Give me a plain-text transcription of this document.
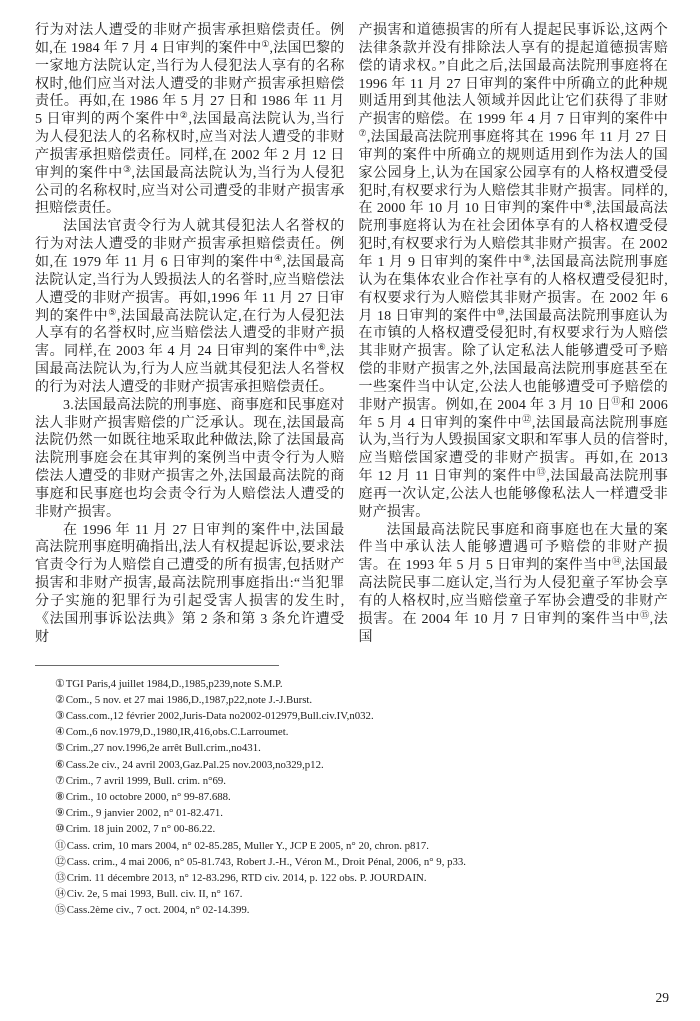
行为对法人遭受的非财产损害承担赔偿责任。例如,在 1984 年 7 月 4 日审判的案件中①,法国巴黎的一家地方法院认定,当行为人侵犯法人享有的名称权时,他们应当对法人遭受的非财产损害承担赔偿责任。再如,在 1986 年 5 月 27 日和 1986 年 11 月 5 日审判的两个案件中②,法国最高法院认为,当行为人侵犯法人的名称权时,应当对法人遭受的非财产损害承担赔偿责任。同样,在 2002 年 2 月 12 日审判的案件中③,法国最高法院认为,当行为人侵犯公司的名称权时,应当对公司遭受的非财产损害承担赔偿责任。

法国法官责令行为人就其侵犯法人名誉权的行为对法人遭受的非财产损害承担赔偿责任。例如,在 1979 年 11 月 6 日审判的案件中④,法国最高法院认定,当行为人毁损法人的名誉时,应当赔偿法人遭受的非财产损害。再如,1996 年 11 月 27 日审判的案件中⑤,法国最高法院认定,在行为人侵犯法人享有的名誉权时,应当赔偿法人遭受的非财产损害。同样,在 2003 年 4 月 24 日审判的案件中⑥,法国最高法院认为,行为人应当就其侵犯法人名誉权的行为对法人遭受的非财产损害承担赔偿责任。

3.法国最高法院的刑事庭、商事庭和民事庭对法人非财产损害赔偿的广泛承认。现在,法国最高法院仍然一如既往地采取此种做法,除了法国最高法院刑事庭会在其审判的案例当中责令行为人赔偿法人遭受的非财产损害之外,法国最高法院的商事庭和民事庭也均会责令行为人赔偿法人遭受的非财产损害。

在 1996 年 11 月 27 日审判的案件中,法国最高法院刑事庭明确指出,法人有权提起诉讼,要求法官责令行为人赔偿自己遭受的所有损害,包括财产损害和非财产损害,最高法院刑事庭指出:“当犯罪分子实施的犯罪行为引起受害人损害的发生时,《法国刑事诉讼法典》第 2 条和第 3 条允许遭受财

产损害和道德损害的所有人提起民事诉讼,这两个法律条款并没有排除法人享有的提起道德损害赔偿的请求权。”自此之后,法国最高法院刑事庭将在 1996 年 11 月 27 日审判的案件中所确立的此种规则适用到其他法人领域并因此让它们获得了非财产损害的赔偿。在 1999 年 4 月 7 日审判的案件中⑦,法国最高法院刑事庭将其在 1996 年 11 月 27 日审判的案件中所确立的规则适用到作为法人的国家公园身上,认为在国家公园享有的人格权遭受侵犯时,有权要求行为人赔偿其非财产损害。同样的,在 2000 年 10 月 10 日审判的案件中⑧,法国最高法院刑事庭将认为在社会团体享有的人格权遭受侵犯时,有权要求行为人赔偿其非财产损害。在 2002 年 1 月 9 日审判的案件中⑨,法国最高法院刑事庭认为在集体农业合作社享有的人格权遭受侵犯时,有权要求行为人赔偿其非财产损害。在 2002 年 6 月 18 日审判的案件中⑩,法国最高法院刑事庭认为在市镇的人格权遭受侵犯时,有权要求行为人赔偿其非财产损害。除了认定私法人能够遭受可予赔偿的非财产损害之外,法国最高法院刑事庭甚至在一些案件当中认定,公法人也能够遭受可予赔偿的非财产损害。例如,在 2004 年 3 月 10 日⑪和 2006 年 5 月 4 日审判的案件中⑫,法国最高法院刑事庭认为,当行为人毁损国家文职和军事人员的信誉时,应当赔偿国家遭受的非财产损害。再如,在 2013 年 12 月 11 日审判的案件中⑬,法国最高法院刑事庭再一次认定,公法人也能够像私法人一样遭受非财产损害。

法国最高法院民事庭和商事庭也在大量的案件当中承认法人能够遭遇可予赔偿的非财产损害。在 1993 年 5 月 5 日审判的案件当中⑭,法国最高法院民事二庭认定,当行为人侵犯童子军协会享有的人格权时,应当赔偿童子军协会遭受的非财产损害。在 2004 年 10 月 7 日审判的案件当中⑮,法国

①TGI Paris,4 juillet 1984,D.,1985,p239,note S.M.P.
②Com., 5 nov. et 27 mai 1986,D.,1987,p22,note J.-J.Burst.
③Cass.com.,12 février 2002,Juris-Data no2002-012979,Bull.civ.IV,n032.
④Com.,6 nov.1979,D.,1980,IR,416,obs.C.Larroumet.
⑤Crim.,27 nov.1996,2e arrêt Bull.crim.,no431.
⑥Cass.2e civ., 24 avril 2003,Gaz.Pal.25 nov.2003,no329,p12.
⑦Crim., 7 avril 1999, Bull. crim. n°69.
⑧Crim., 10 octobre 2000, n° 99-87.688.
⑨Crim., 9 janvier 2002, n° 01-82.471.
⑩Crim. 18 juin 2002, 7 n° 00-86.22.
⑪Cass. crim, 10 mars 2004, n° 02-85.285, Muller Y., JCP E 2005, n° 20, chron. p817.
⑫Cass. crim., 4 mai 2006, n° 05-81.743, Robert J.-H., Véron M., Droit Pénal, 2006, n° 9, p33.
⑬Crim. 11 décembre 2013, n° 12-83.296, RTD civ. 2014, p. 122 obs. P. JOURDAIN.
⑭Civ. 2e, 5 mai 1993, Bull. civ. II, n° 167.
⑮Cass.2ème civ., 7 oct. 2004, n° 02-14.399.
29
